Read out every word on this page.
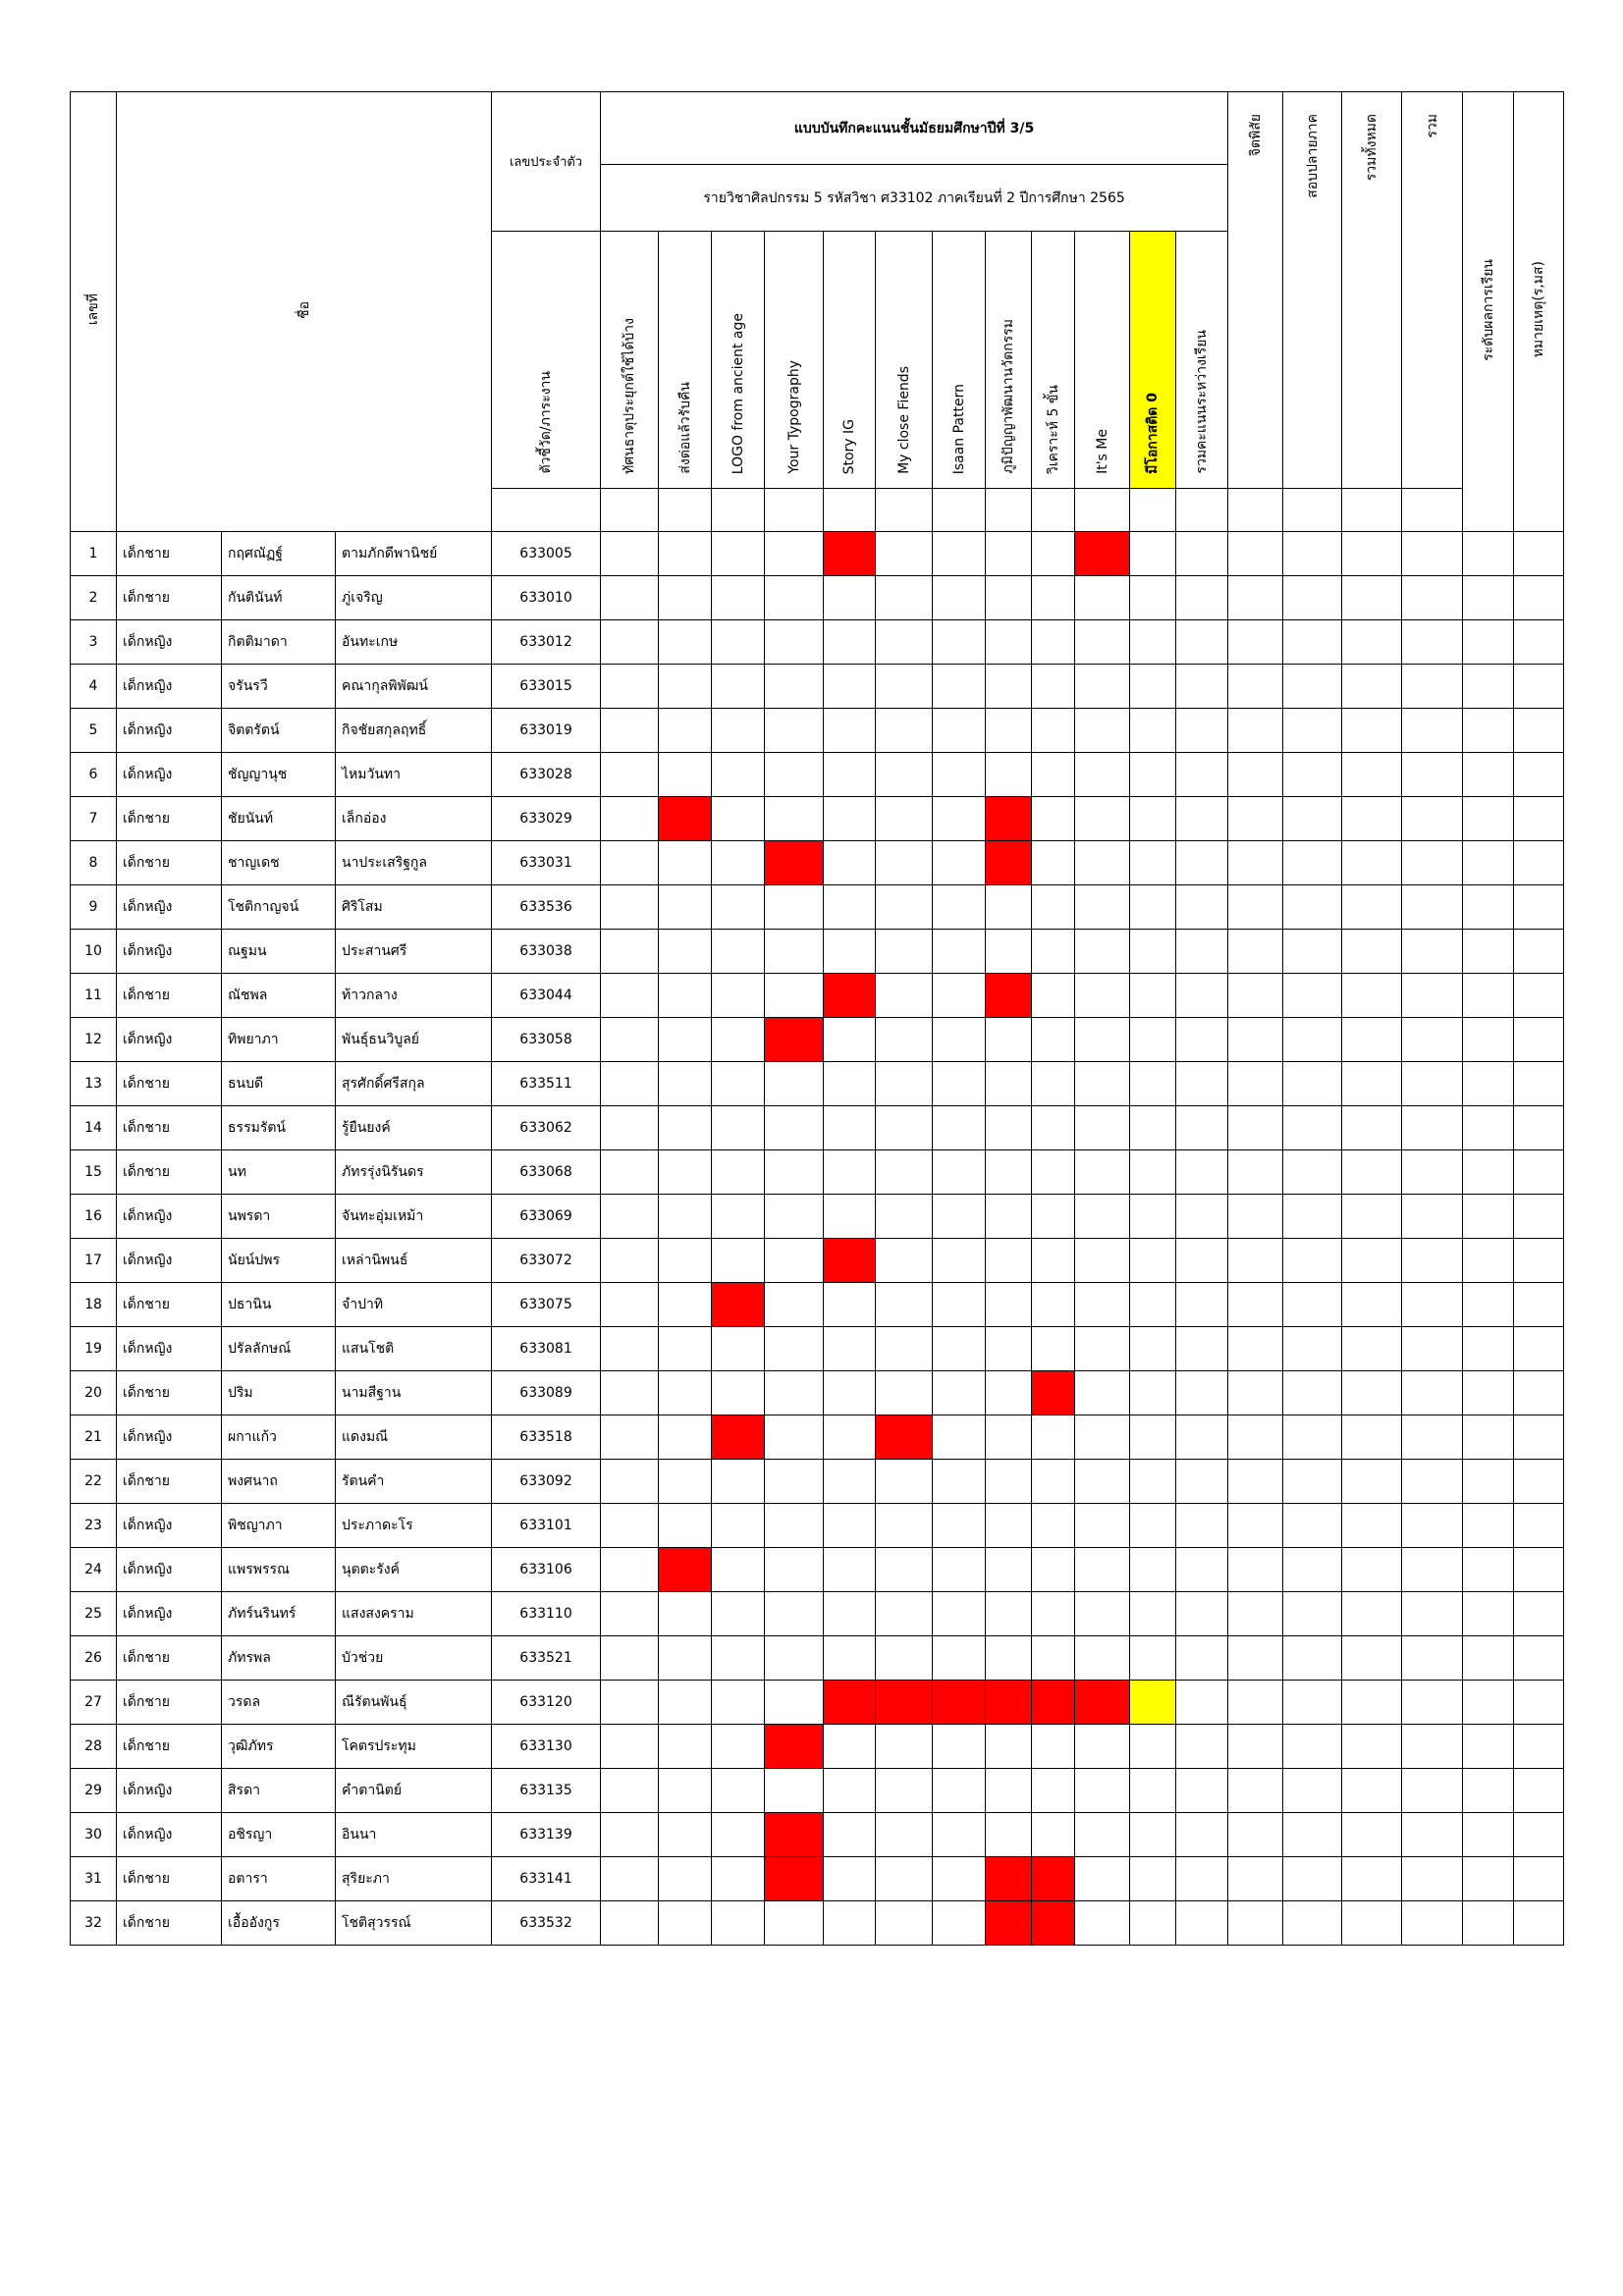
เลขที่	ชื่อ			เลขประจำตัว	แบบบันทึกคะแนนชั้นมัธยมศึกษาปีที่ 3/5												จิตพิสัย	สอบปลายภาค	รวมทั้งหมด	รวม	ระดับผลการเรียน	หมายเหตุ(ร,มส)
					รายวิชาศิลปกรรม 5 รหัสวิชา ศ33102 ภาคเรียนที่ 2 ปีการศึกษา 2565																	
				ตัวชี้วัด/ภาระงาน	ทัศนธาตุประยุกต์ใช้ได้บ้าง	ส่งต่อแล้วรับคืน	LOGO from ancient age	Your Typography	Story IG	My close Fiends	Isaan Pattern	ภูมิปัญญาพัฒนานวัตกรรม	วิเคราะห์ 5 ขั้น	It's Me	มีโอกาสติด 0	รวมคะแนนระหว่างเรียน						

1	เด็กชาย	กฤศณัฏฐ์	ตามภักดีพานิชย์	633005																		
2	เด็กชาย	กันตินันท์	ภู่เจริญ	633010																		
3	เด็กหญิง	กิตติมาดา	อันทะเกษ	633012																		
4	เด็กหญิง	จรันรวี	คณากุลพิพัฒน์	633015																		
5	เด็กหญิง	จิตตรัตน์	กิจชัยสกุลฤทธิ์	633019																		
6	เด็กหญิง	ชัญญานุช	ไหมวันทา	633028																		
7	เด็กชาย	ชัยนันท์	เล็กอ่อง	633029																		
8	เด็กชาย	ชาญเดช	นาประเสริฐกูล	633031																		
9	เด็กหญิง	โชติกาญจน์	ศิริโสม	633536																		
10	เด็กหญิง	ณฐมน	ประสานศรี	633038																		
11	เด็กชาย	ณัชพล	ท้าวกลาง	633044																		
12	เด็กหญิง	ทิพยาภา	พันธุ์ธนวิบูลย์	633058																		
13	เด็กชาย	ธนบดี	สุรศักดิ์ศรีสกุล	633511																		
14	เด็กชาย	ธรรมรัตน์	รู้ยืนยงค์	633062																		
15	เด็กชาย	นท	ภัทรรุ่งนิรันดร	633068																		
16	เด็กหญิง	นพรดา	จันทะอุ่มเหม้า	633069																		
17	เด็กหญิง	นัยน์ปพร	เหล่านิพนธ์	633072																		
18	เด็กชาย	ปธานิน	จำปาทิ	633075																		
19	เด็กหญิง	ปรัลลักษณ์	แสนโชติ	633081																		
20	เด็กชาย	ปริม	นามสีฐาน	633089																		
21	เด็กหญิง	ผกาแก้ว	แดงมณี	633518																		
22	เด็กชาย	พงศนาถ	รัตนคำ	633092																		
23	เด็กหญิง	พิชญาภา	ประภาดะโร	633101																		
24	เด็กหญิง	แพรพรรณ	นุตตะรังค์	633106																		
25	เด็กหญิง	ภัทร์นรินทร์	แสงสงคราม	633110																		
26	เด็กชาย	ภัทรพล	บัวช่วย	633521																		
27	เด็กชาย	วรดล	ณีรัตนพันธุ์	633120																		
28	เด็กชาย	วุฒิภัทร	โคตรประทุม	633130																		
29	เด็กหญิง	สิรดา	คำตานิตย์	633135																		
30	เด็กหญิง	อชิรญา	อินนา	633139																		
31	เด็กชาย	อตารา	สุริยะภา	633141																		
32	เด็กชาย	เอื้ออังกูร	โชติสุวรรณ์	633532																		
